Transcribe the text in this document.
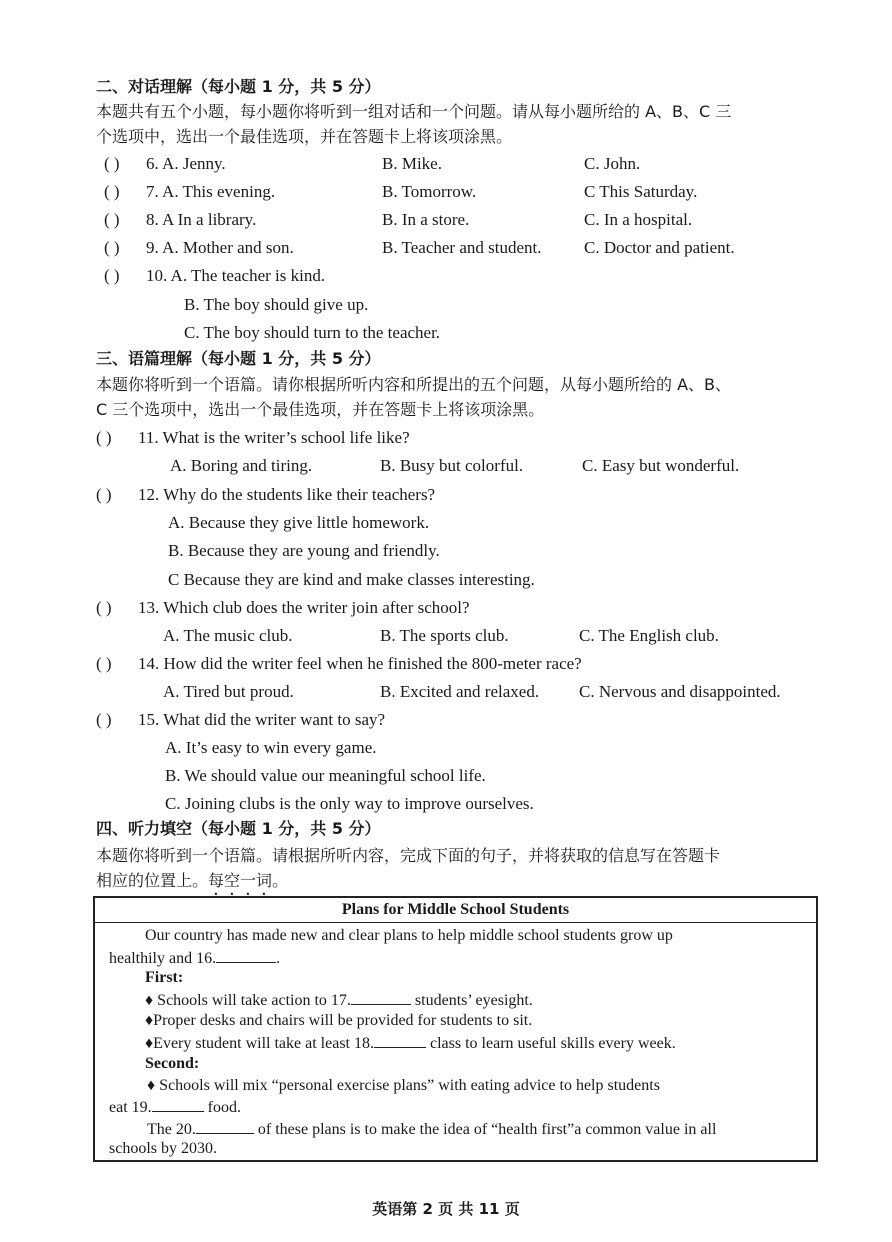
二、对话理解（每小题 1 分，共 5 分）
本题共有五个小题，每小题你将听到一组对话和一个问题。请从每小题所给的 A、B、C 三
个选项中，选出一个最佳选项，并在答题卡上将该项涂黑。
( ) 6. A. Jenny.	B. Mike.	C. John.
( ) 7. A. This evening.	B. Tomorrow.	C This Saturday.
( ) 8. A In a library.	B. In a store.	C. In a hospital.
( ) 9. A. Mother and son.	B. Teacher and student.	C. Doctor and patient.
( ) 10. A. The teacher is kind.
B. The boy should give up.
C. The boy should turn to the teacher.
三、语篇理解（每小题 1 分，共 5 分）
本题你将听到一个语篇。请你根据所听内容和所提出的五个问题，从每小题所给的 A、B、
C 三个选项中，选出一个最佳选项，并在答题卡上将该项涂黑。
( ) 11. What is the writer’s school life like?
A. Boring and tiring.	B. Busy but colorful.	C. Easy but wonderful.
( ) 12. Why do the students like their teachers?
A. Because they give little homework.
B. Because they are young and friendly.
C Because they are kind and make classes interesting.
( ) 13. Which club does the writer join after school?
A. The music club.	B. The sports club.	C. The English club.
( ) 14. How did the writer feel when he finished the 800-meter race?
A. Tired but proud.	B. Excited and relaxed. C. Nervous and disappointed.
( ) 15. What did the writer want to say?
A. It’s easy to win every game.
B. We should value our meaningful school life.
C. Joining clubs is the only way to improve ourselves.
四、听力填空（每小题 1 分，共 5 分）
本题你将听到一个语篇。请根据所听内容，完成下面的句子，并将获取的信息写在答题卡
相应的位置上。每空一词。
Plans for Middle School Students
Our country has made new and clear plans to help middle school students grow up
healthily and 16.	.
First:
♦ Schools will take action to 17.	students’ eyesight.
♦Proper desks and chairs will be provided for students to sit.
♦Every student will take at least 18.	class to learn useful skills every week.
Second:
♦ Schools will mix “personal exercise plans” with eating advice to help students
eat 19.	food.
The 20.	of these plans is to make the idea of “health first”a common value in all
schools by 2030.
英语第 2 页 共 11 页
